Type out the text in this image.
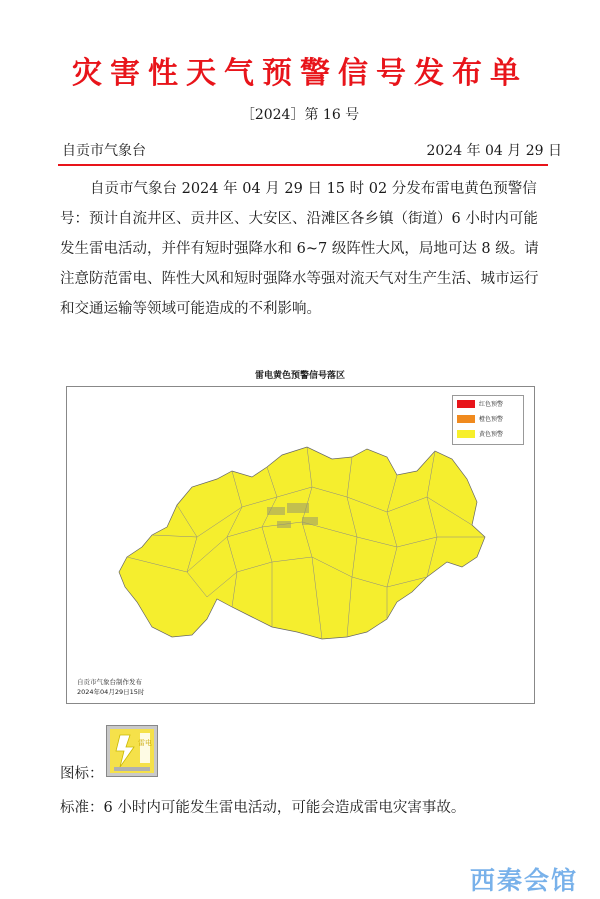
灾害性天气预警信号发布单
［2024］第 16 号
自贡市气象台	2024 年 04 月 29 日
自贡市气象台 2024 年 04 月 29 日 15 时 02 分发布雷电黄色预警信号：预计自流井区、贡井区、大安区、沿滩区各乡镇（街道）6 小时内可能发生雷电活动，并伴有短时强降水和 6~7 级阵性大风，局地可达 8 级。请注意防范雷电、阵性大风和短时强降水等强对流天气对生产生活、城市运行和交通运输等领域可能造成的不利影响。
雷电黄色预警信号落区
红色预警
橙色预警
黄色预警
自贡市气象台制作发布
2024年04月29日15时
图标：
雷电
标准：6 小时内可能发生雷电活动，可能会造成雷电灾害事故。
西秦会馆
